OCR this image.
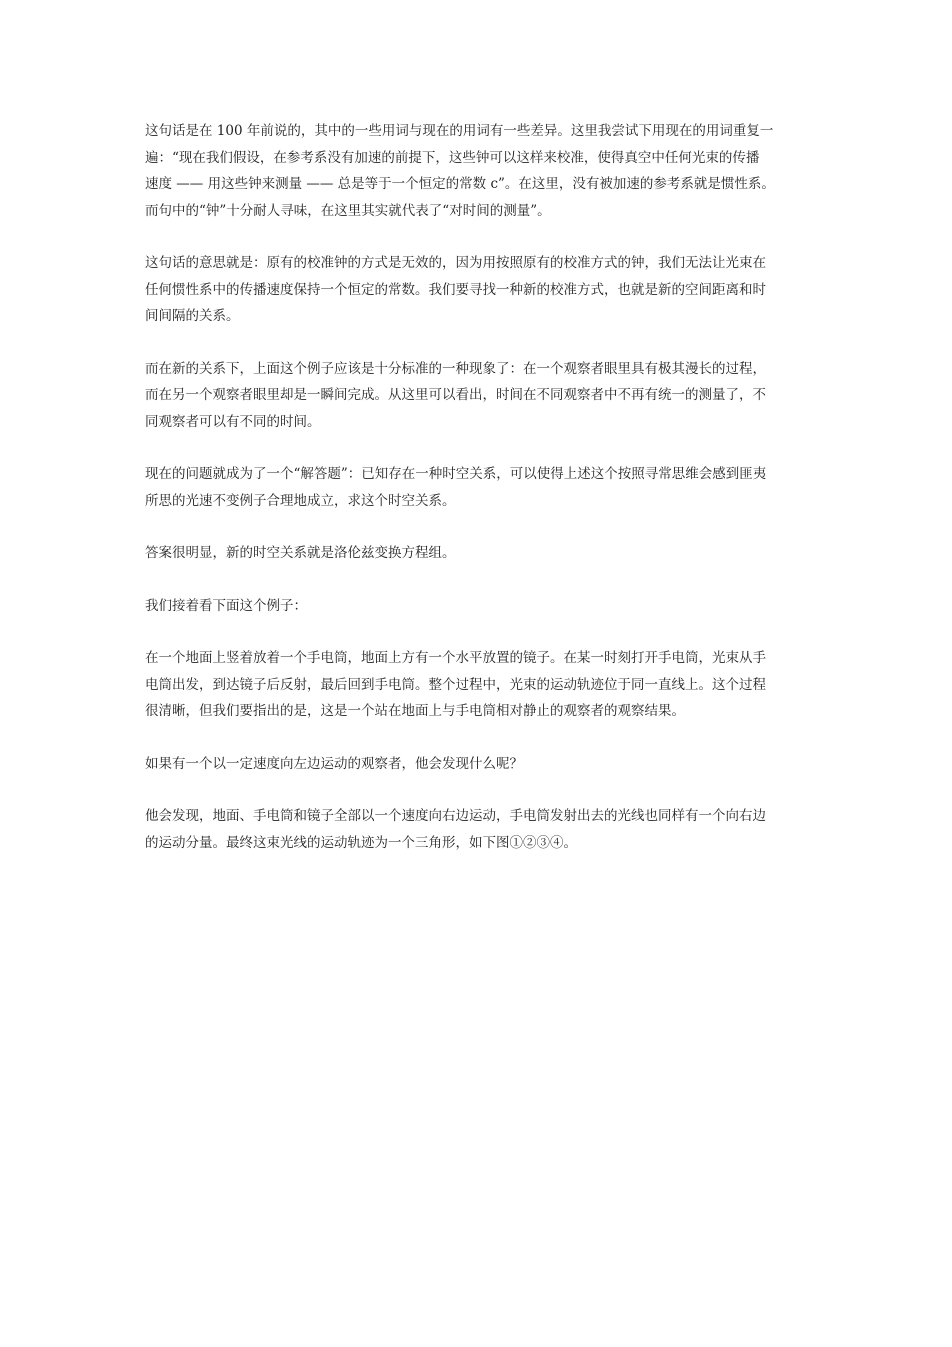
这句话是在 100 年前说的，其中的一些用词与现在的用词有一些差异。这里我尝试下用现在的用词重复一
遍：“现在我们假设，在参考系没有加速的前提下，这些钟可以这样来校准，使得真空中任何光束的传播
速度 —— 用这些钟来测量 —— 总是等于一个恒定的常数 c”。在这里，没有被加速的参考系就是惯性系。
而句中的“钟”十分耐人寻味，在这里其实就代表了“对时间的测量”。
这句话的意思就是：原有的校准钟的方式是无效的，因为用按照原有的校准方式的钟，我们无法让光束在
任何惯性系中的传播速度保持一个恒定的常数。我们要寻找一种新的校准方式，也就是新的空间距离和时
间间隔的关系。
而在新的关系下，上面这个例子应该是十分标准的一种现象了：在一个观察者眼里具有极其漫长的过程，
而在另一个观察者眼里却是一瞬间完成。从这里可以看出，时间在不同观察者中不再有统一的测量了，不
同观察者可以有不同的时间。
现在的问题就成为了一个“解答题”：已知存在一种时空关系，可以使得上述这个按照寻常思维会感到匪夷
所思的光速不变例子合理地成立，求这个时空关系。
答案很明显，新的时空关系就是洛伦兹变换方程组。
我们接着看下面这个例子：
在一个地面上竖着放着一个手电筒，地面上方有一个水平放置的镜子。在某一时刻打开手电筒，光束从手
电筒出发，到达镜子后反射，最后回到手电筒。整个过程中，光束的运动轨迹位于同一直线上。这个过程
很清晰，但我们要指出的是，这是一个站在地面上与手电筒相对静止的观察者的观察结果。
如果有一个以一定速度向左边运动的观察者，他会发现什么呢？
他会发现，地面、手电筒和镜子全部以一个速度向右边运动，手电筒发射出去的光线也同样有一个向右边
的运动分量。最终这束光线的运动轨迹为一个三角形，如下图①②③④。
